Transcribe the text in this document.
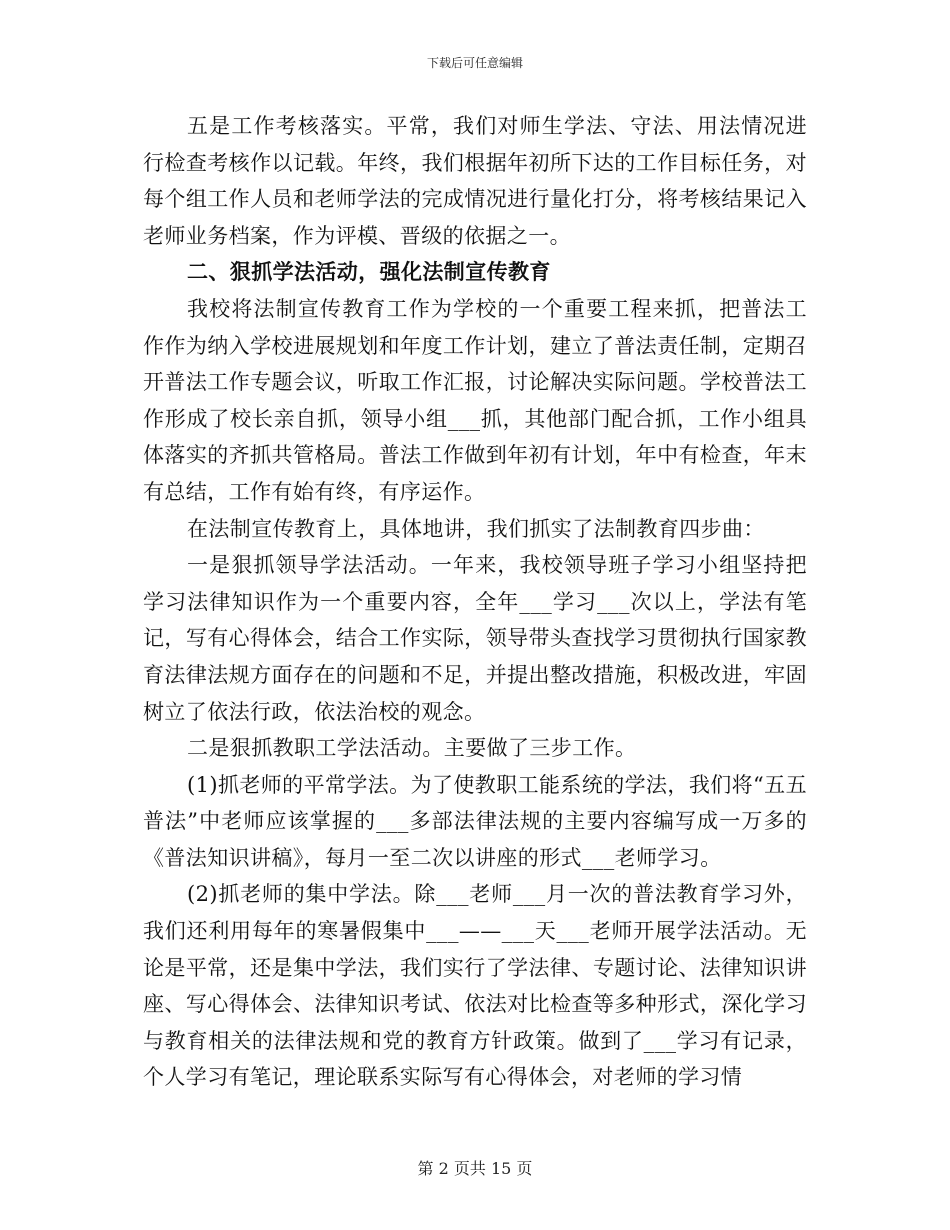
下载后可任意编辑

五是工作考核落实。平常，我们对师生学法、守法、用法情况进行检查考核作以记载。年终，我们根据年初所下达的工作目标任务，对每个组工作人员和老师学法的完成情况进行量化打分，将考核结果记入老师业务档案，作为评模、晋级的依据之一。

二、狠抓学法活动，强化法制宣传教育

我校将法制宣传教育工作为学校的一个重要工程来抓，把普法工作作为纳入学校进展规划和年度工作计划，建立了普法责任制，定期召开普法工作专题会议，听取工作汇报，讨论解决实际问题。学校普法工作形成了校长亲自抓，领导小组___抓，其他部门配合抓，工作小组具体落实的齐抓共管格局。普法工作做到年初有计划，年中有检查，年末有总结，工作有始有终，有序运作。

在法制宣传教育上，具体地讲，我们抓实了法制教育四步曲：

一是狠抓领导学法活动。一年来，我校领导班子学习小组坚持把学习法律知识作为一个重要内容，全年___学习___次以上，学法有笔记，写有心得体会，结合工作实际，领导带头查找学习贯彻执行国家教育法律法规方面存在的问题和不足，并提出整改措施，积极改进，牢固树立了依法行政，依法治校的观念。

二是狠抓教职工学法活动。主要做了三步工作。

(1)抓老师的平常学法。为了使教职工能系统的学法，我们将“五五普法”中老师应该掌握的___多部法律法规的主要内容编写成一万多的《普法知识讲稿》，每月一至二次以讲座的形式___老师学习。

(2)抓老师的集中学法。除___老师___月一次的普法教育学习外，我们还利用每年的寒暑假集中___——___天___老师开展学法活动。无论是平常，还是集中学法，我们实行了学法律、专题讨论、法律知识讲座、写心得体会、法律知识考试、依法对比检查等多种形式，深化学习与教育相关的法律法规和党的教育方针政策。做到了___学习有记录，个人学习有笔记，理论联系实际写有心得体会，对老师的学习情

第 2 页共 15 页
